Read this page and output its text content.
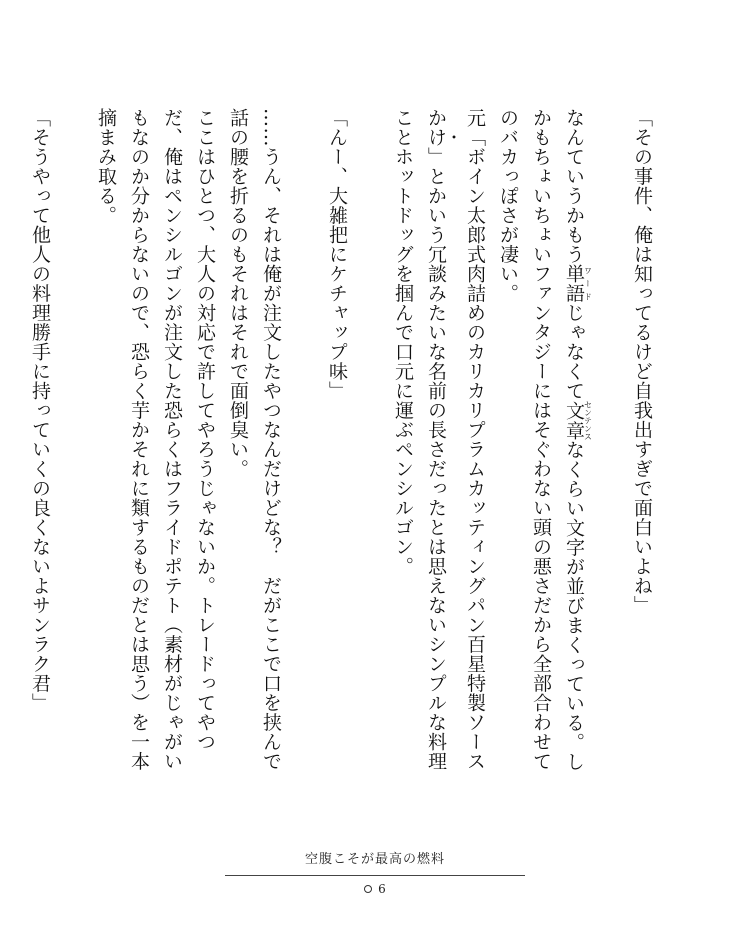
「その事件、俺は知ってるけど自我出すぎで面白いよね」
なんていうかもう単語ワードじゃなくて文章センテンスなくらい文字が並びまくっている。しかもちょいちょいファンタジーにはそぐわない頭の悪さだから全部合わせてのバカっぽさが凄い。
元「ボイン太郎式肉詰めのカリカリプラムカッティングパン百星特製ソースかけ」とかいう冗談みたいな名前の長さだったとは思えないシンプルな料理ことホットドッグを掴んで口元に運ぶペンシルゴン。
「んー、大雑把にケチャップ味」
……うん、それは俺が注文したやつなんだけどな？　だがここで口を挟んで話の腰を折るのもそれはそれで面倒臭い。
ここはひとつ、大人の対応で許してやろうじゃないか。トレードってやつだ、俺はペンシルゴンが注文した恐らくはフライドポテト（素材がじゃがいもなのか分からないので、恐らく芋かそれに類するものだとは思う）を一本摘まみ取る。
「そうやって他人の料理勝手に持っていくの良くないよサンラク君」
空腹こそが最高の燃料
6
